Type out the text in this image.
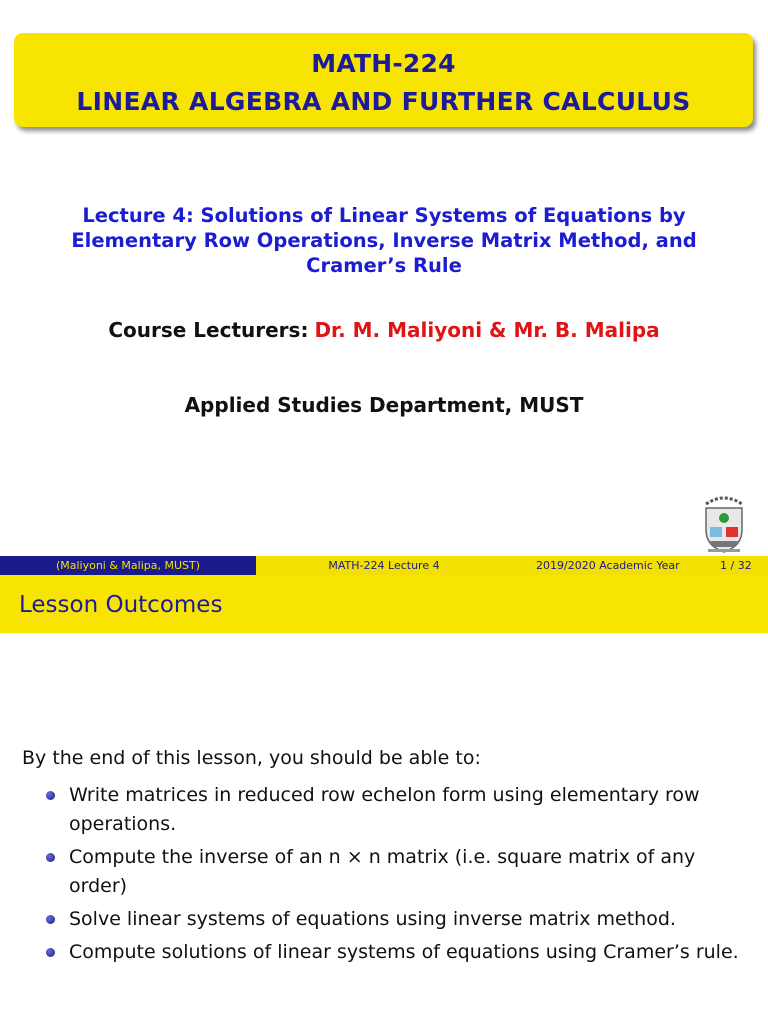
MATH-224
LINEAR ALGEBRA AND FURTHER CALCULUS
Lecture 4: Solutions of Linear Systems of Equations by
Elementary Row Operations, Inverse Matrix Method, and
Cramer’s Rule
Course Lecturers: Dr. M. Maliyoni & Mr. B. Malipa
Applied Studies Department, MUST
(Maliyoni & Malipa, MUST)	MATH-224 Lecture 4	2019/2020 Academic Year	1 / 32
Lesson Outcomes
By the end of this lesson, you should be able to:
Write matrices in reduced row echelon form using elementary row operations.
Compute the inverse of an n × n matrix (i.e. square matrix of any order)
Solve linear systems of equations using inverse matrix method.
Compute solutions of linear systems of equations using Cramer’s rule.
